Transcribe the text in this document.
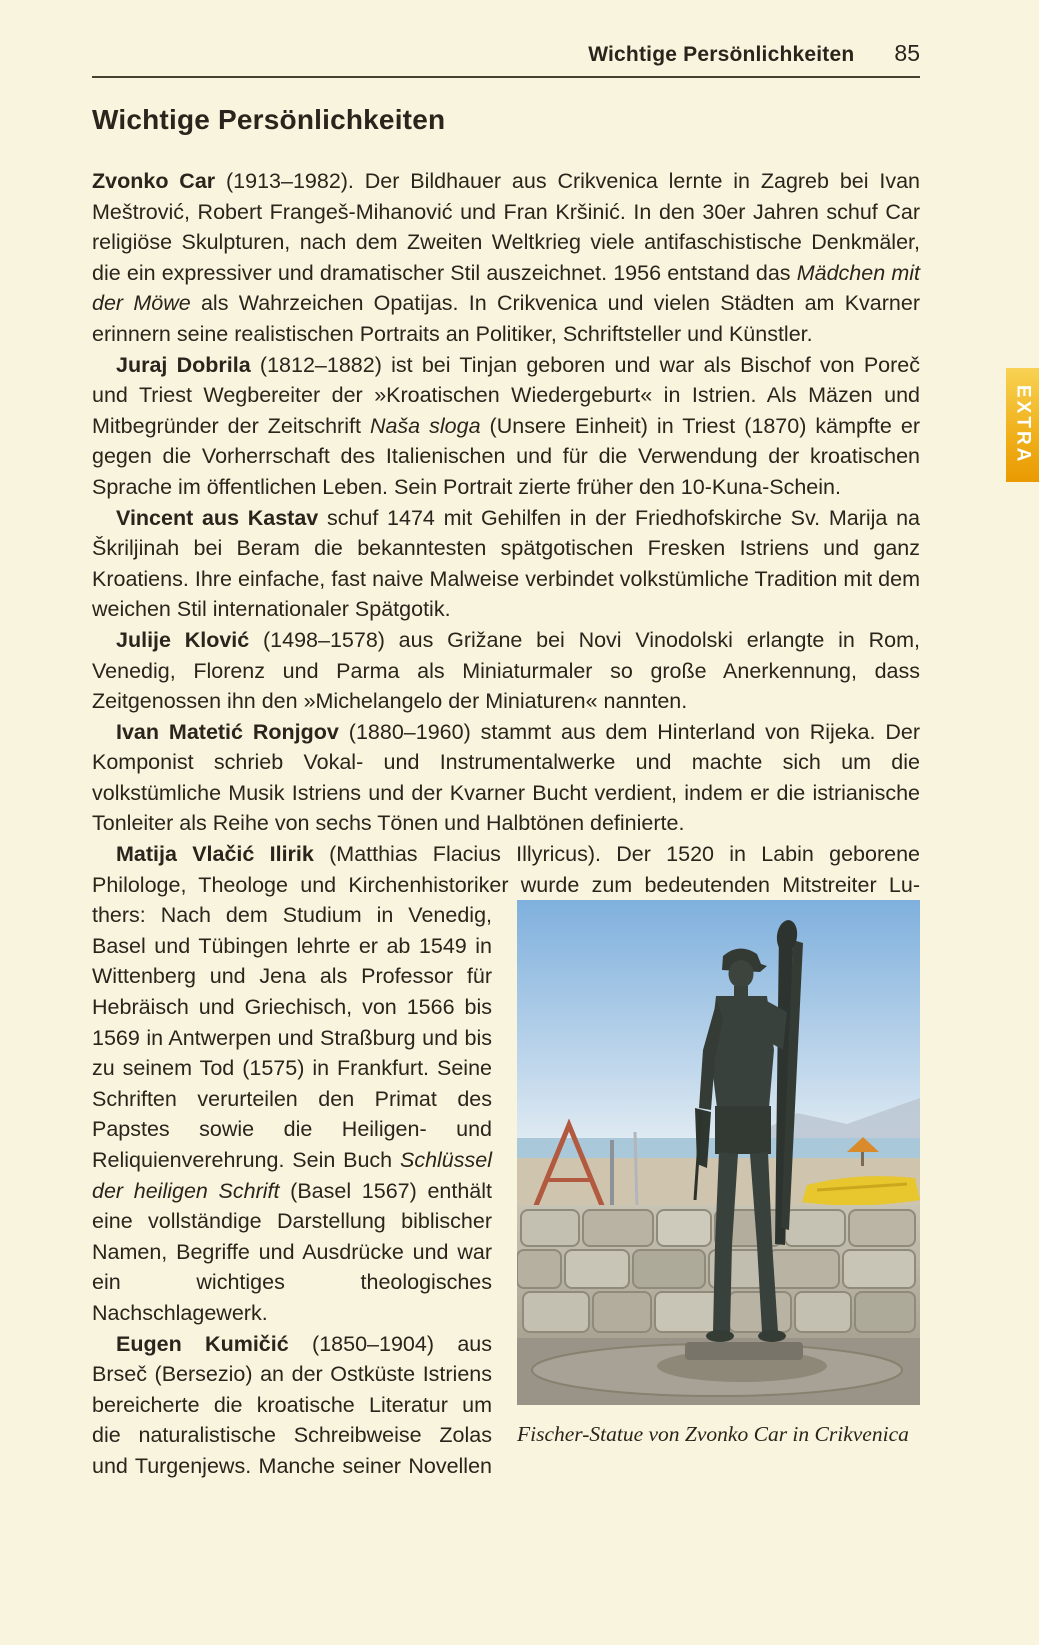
EXTRA
Wichtige Persönlichkeiten 85
Wichtige Persönlichkeiten

Zvonko Car (1913–1982). Der Bildhauer aus Crikvenica lernte in Zagreb bei Ivan Meštrović, Robert Frangeš-Mihanović und Fran Kršinić. In den 30er Jahren schuf Car religiöse Skulpturen, nach dem Zweiten Weltkrieg viele antifaschistische Denkmäler, die ein expressiver und dramatischer Stil auszeichnet. 1956 entstand das Mädchen mit der Möwe als Wahrzeichen Opatijas. In Crikvenica und vielen Städten am Kvarner erinnern seine realistischen Portraits an Politiker, Schriftsteller und Künstler.

Juraj Dobrila (1812–1882) ist bei Tinjan geboren und war als Bischof von Poreč und Triest Wegbereiter der »Kroatischen Wiedergeburt« in Istrien. Als Mäzen und Mitbegründer der Zeitschrift Naša sloga (Unsere Einheit) in Triest (1870) kämpfte er gegen die Vorherrschaft des Italienischen und für die Verwendung der kroatischen Sprache im öffentlichen Leben. Sein Portrait zierte früher den 10-Kuna-Schein.

Vincent aus Kastav schuf 1474 mit Gehilfen in der Friedhofskirche Sv. Marija na Škriljinah bei Beram die bekanntesten spätgotischen Fresken Istriens und ganz Kroatiens. Ihre einfache, fast naive Malweise verbindet volkstümliche Tradition mit dem weichen Stil internationaler Spätgotik.

Julije Klović (1498–1578) aus Grižane bei Novi Vinodolski erlangte in Rom, Venedig, Florenz und Parma als Miniaturmaler so große Anerkennung, dass Zeitgenossen ihn den »Michelangelo der Miniaturen« nannten.

Ivan Matetić Ronjgov (1880–1960) stammt aus dem Hinterland von Rijeka. Der Komponist schrieb Vokal- und Instrumentalwerke und machte sich um die volkstümliche Musik Istriens und der Kvarner Bucht verdient, indem er die istrianische Tonleiter als Reihe von sechs Tönen und Halbtönen definierte.

Matija Vlačić Ilirik (Matthias Flacius Illyricus). Der 1520 in Labin geborene Philologe, Theologe und Kirchenhistoriker wurde zum bedeutenden Mitstreiter Lu-

thers: Nach dem Studium in Venedig, Basel und Tübingen lehrte er ab 1549 in Wittenberg und Jena als Professor für Hebräisch und Griechisch, von 1566 bis 1569 in Antwerpen und Straßburg und bis zu seinem Tod (1575) in Frankfurt. Seine Schriften verurteilen den Primat des Papstes sowie die Heiligen- und Reliquienverehrung. Sein Buch Schlüssel der heiligen Schrift (Basel 1567) enthält eine vollständige Darstellung biblischer Namen, Begriffe und Ausdrücke und war ein wichtiges theologisches Nachschlagewerk.

Eugen Kumičić (1850–1904) aus Brseč (Bersezio) an der Ostküste Istriens bereicherte die kroatische Literatur um die naturalistische Schreibweise Zolas und Turgenjews. Manche seiner Novellen

Fischer-Statue von Zvonko Car in Crikvenica
